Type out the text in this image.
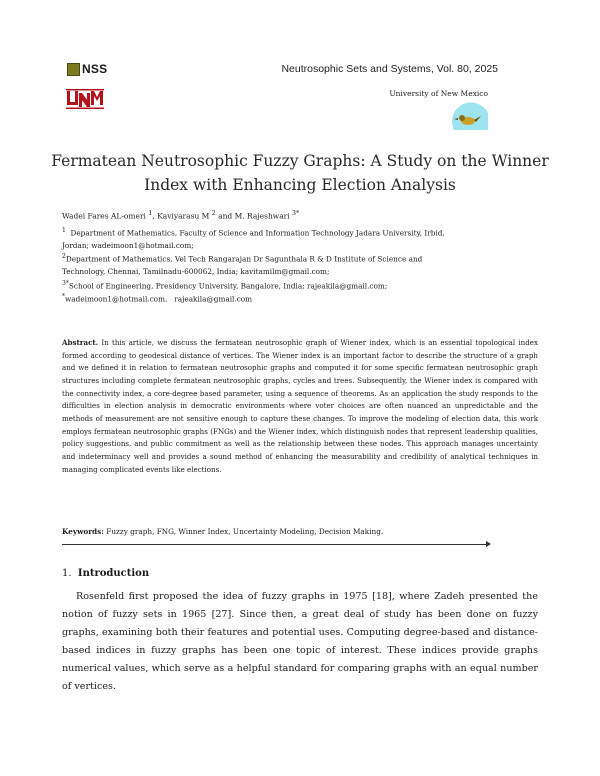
NSS	Neutrosophic Sets and Systems, Vol. 80, 2025
University of New Mexico
Fermatean Neutrosophic Fuzzy Graphs: A Study on the Winner
Index with Enhancing Election Analysis
Wadei Fares AL-omeri $^1$, Kaviyarasu M $^2$ and M. Rajeshwari $^{3*}$
$^1$ Department of Mathematics, Faculty of Science and Information Technology Jadara University, Irbid,
Jordan; wadeimoon1@hotmail.com;
$^2$Department of Mathematics, Vel Tech Rangarajan Dr Sagunthala R & D Institute of Science and
Technology, Chennai, Tamilnadu-600062, India; kavitamilm@gmail.com;
$^{3*}$School of Engineering, Presidency University, Bangalore, India; rajeakila@gmail.com;
*wadeimoon1@hotmail.com.   rajeakila@gmail.com
Abstract. In this article, we discuss the fermatean neutrosophic graph of Wiener index, which is an essential topological index formed according to geodesical distance of vertices. The Wiener index is an important factor to describe the structure of a graph and we defined it in relation to fermatean neutrosophic graphs and computed it for some specific fermatean neutrosophic graph structures including complete fermatean neutrosophic graphs, cycles and trees. Subsequently, the Wiener index is compared with the connectivity index, a core-degree based parameter, using a sequence of theorems. As an application the study responds to the difficulties in election analysis in democratic environments where voter choices are often nuanced an unpredictable and the methods of measurement are not sensitive enough to capture these changes. To improve the modeling of election data, this work employs fermatean neutrosophic graphs (FNGs) and the Wiener index, which distinguish nodes that represent leadership qualities, policy suggestions, and public commitment as well as the relationship between these nodes. This approach manages uncertainty and indeterminacy well and provides a sound method of enhancing the measurability and credibility of analytical techniques in managing complicated events like elections.
Keywords: Fuzzy graph, FNG, Winner Index, Uncertainty Modeling, Decision Making.
1. Introduction
Rosenfeld first proposed the idea of fuzzy graphs in 1975 [18], where Zadeh presented the notion of fuzzy sets in 1965 [27]. Since then, a great deal of study has been done on fuzzy graphs, examining both their features and potential uses. Computing degree-based and distance-based indices in fuzzy graphs has been one topic of interest. These indices provide graphs numerical values, which serve as a helpful standard for comparing graphs with an equal number of vertices.
